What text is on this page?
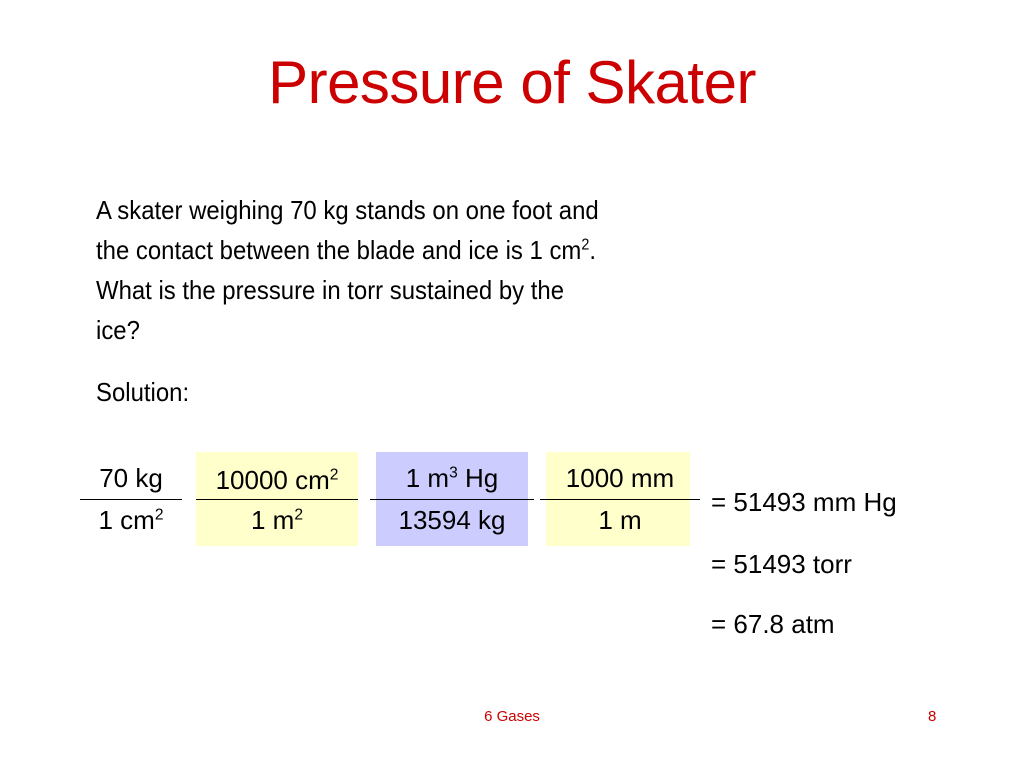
Pressure of Skater

A skater weighing 70 kg stands on one foot and

the contact between the blade and ice is 1 $cm^2$.

What is the pressure in torr sustained by the

ice?

Solution:
70 kg
1 $cm^2$
10000 $cm^2$
1 $m^2$
1 $m^3$ Hg
13594 kg
1000 mm
1 m
= 51493 mm Hg
= 51493 torr
= 67.8 atm
6 Gases	8
